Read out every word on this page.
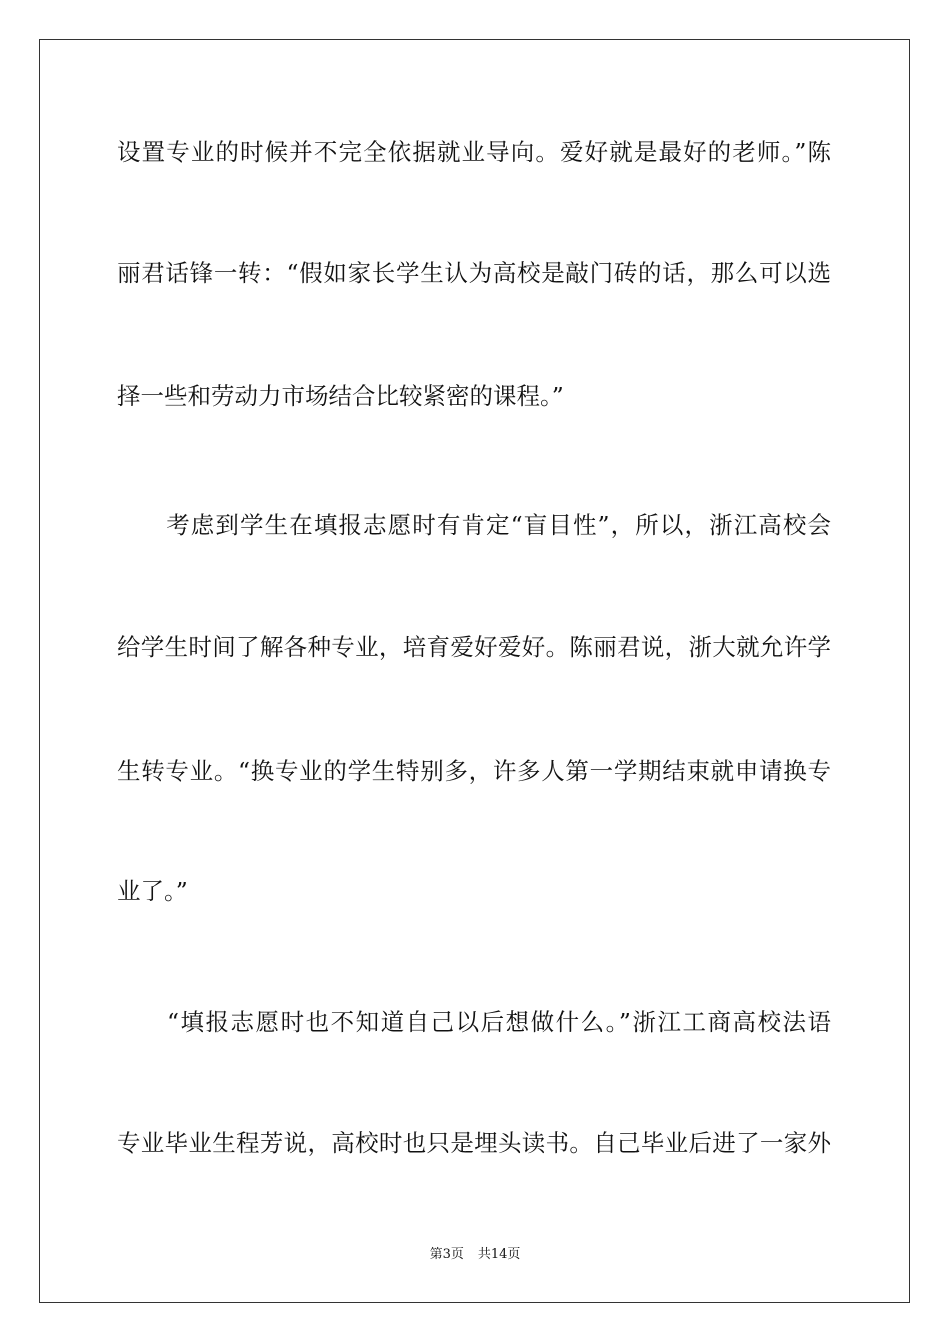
设置专业的时候并不完全依据就业导向。爱好就是最好的老师。”陈
丽君话锋一转：“假如家长学生认为高校是敲门砖的话，那么可以选
择一些和劳动力市场结合比较紧密的课程。”
　　考虑到学生在填报志愿时有肯定“盲目性”，所以，浙江高校会
给学生时间了解各种专业，培育爱好爱好。陈丽君说，浙大就允许学
生转专业。“换专业的学生特别多，许多人第一学期结束就申请换专
业了。”
　　“填报志愿时也不知道自己以后想做什么。”浙江工商高校法语
专业毕业生程芳说，高校时也只是埋头读书。自己毕业后进了一家外
第3页 共14页
